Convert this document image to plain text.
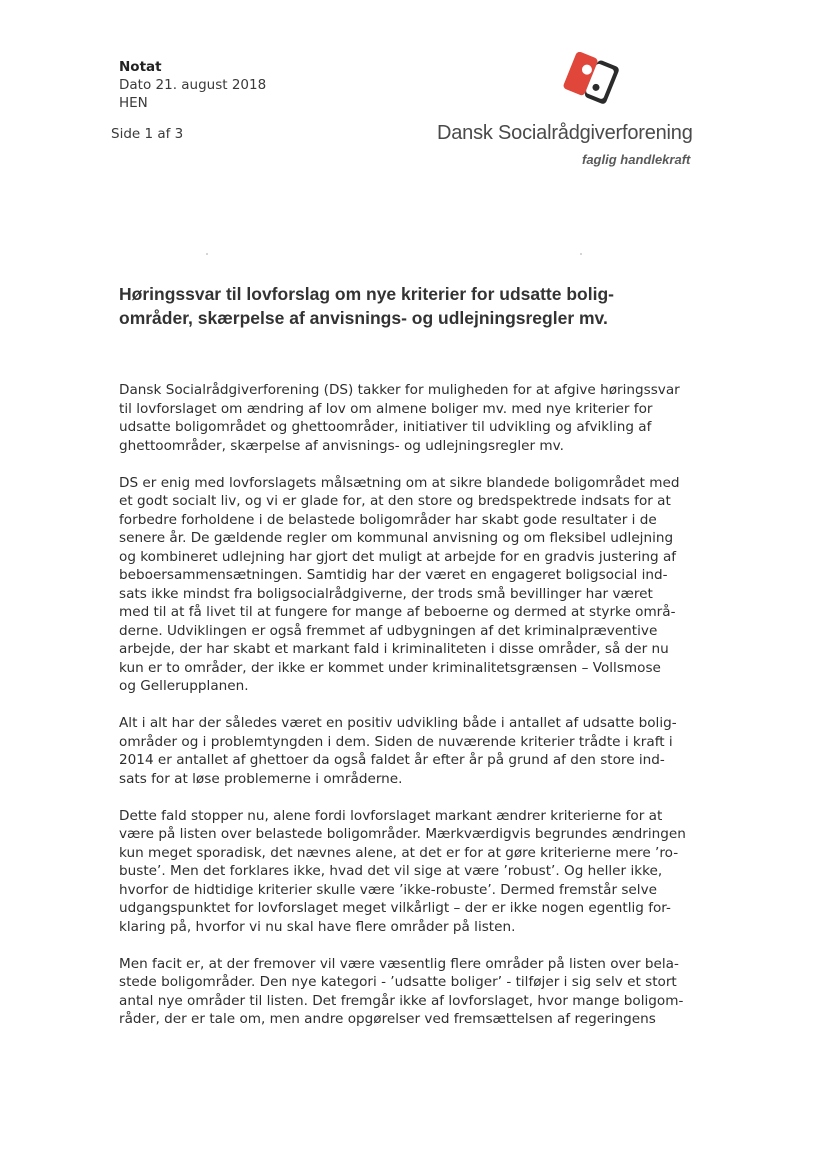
Notat
Dato 21. august 2018
HEN
Side 1 af 3	Dansk Socialrådgiverforening
faglig handlekraft
Høringssvar til lovforslag om nye kriterier for udsatte bolig-
områder, skærpelse af anvisnings- og udlejningsregler mv.

Dansk Socialrådgiverforening (DS) takker for muligheden for at afgive høringssvar
til lovforslaget om ændring af lov om almene boliger mv. med nye kriterier for
udsatte boligområdet og ghettoområder, initiativer til udvikling og afvikling af
ghettoområder, skærpelse af anvisnings- og udlejningsregler mv.

DS er enig med lovforslagets målsætning om at sikre blandede boligområdet med
et godt socialt liv, og vi er glade for, at den store og bredspektrede indsats for at
forbedre forholdene i de belastede boligområder har skabt gode resultater i de
senere år. De gældende regler om kommunal anvisning og om fleksibel udlejning
og kombineret udlejning har gjort det muligt at arbejde for en gradvis justering af
beboersammensætningen. Samtidig har der været en engageret boligsocial ind-
sats ikke mindst fra boligsocialrådgiverne, der trods små bevillinger har været
med til at få livet til at fungere for mange af beboerne og dermed at styrke områ-
derne. Udviklingen er også fremmet af udbygningen af det kriminalpræventive
arbejde, der har skabt et markant fald i kriminaliteten i disse områder, så der nu
kun er to områder, der ikke er kommet under kriminalitetsgrænsen – Vollsmose
og Gellerupplanen.

Alt i alt har der således været en positiv udvikling både i antallet af udsatte bolig-
områder og i problemtyngden i dem. Siden de nuværende kriterier trådte i kraft i
2014 er antallet af ghettoer da også faldet år efter år på grund af den store ind-
sats for at løse problemerne i områderne.

Dette fald stopper nu, alene fordi lovforslaget markant ændrer kriterierne for at
være på listen over belastede boligområder. Mærkværdigvis begrundes ændringen
kun meget sporadisk, det nævnes alene, at det er for at gøre kriterierne mere ’ro-
buste’. Men det forklares ikke, hvad det vil sige at være ’robust’. Og heller ikke,
hvorfor de hidtidige kriterier skulle være ’ikke-robuste’. Dermed fremstår selve
udgangspunktet for lovforslaget meget vilkårligt – der er ikke nogen egentlig for-
klaring på, hvorfor vi nu skal have flere områder på listen.

Men facit er, at der fremover vil være væsentlig flere områder på listen over bela-
stede boligområder. Den nye kategori - ’udsatte boliger’ - tilføjer i sig selv et stort
antal nye områder til listen. Det fremgår ikke af lovforslaget, hvor mange boligom-
råder, der er tale om, men andre opgørelser ved fremsættelsen af regeringens
